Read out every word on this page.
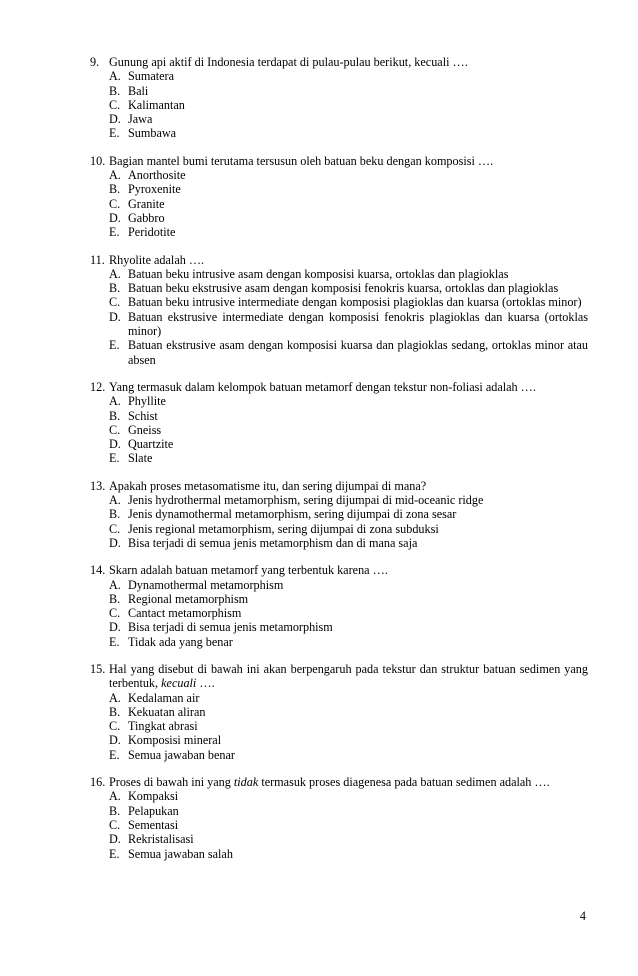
9. Gunung api aktif di Indonesia terdapat di pulau-pulau berikut, kecuali ….
A. Sumatera
B. Bali
C. Kalimantan
D. Jawa
E. Sumbawa
10. Bagian mantel bumi terutama tersusun oleh batuan beku dengan komposisi ….
A. Anorthosite
B. Pyroxenite
C. Granite
D. Gabbro
E. Peridotite
11. Rhyolite adalah ….
A. Batuan beku intrusive asam dengan komposisi kuarsa, ortoklas dan plagioklas
B. Batuan beku ekstrusive asam dengan komposisi fenokris kuarsa, ortoklas dan plagioklas
C. Batuan beku intrusive intermediate dengan komposisi plagioklas dan kuarsa (ortoklas minor)
D. Batuan ekstrusive intermediate dengan komposisi fenokris plagioklas dan kuarsa (ortoklas minor)
E. Batuan ekstrusive asam dengan komposisi kuarsa dan plagioklas sedang, ortoklas minor atau absen
12. Yang termasuk dalam kelompok batuan metamorf dengan tekstur non-foliasi adalah ….
A. Phyllite
B. Schist
C. Gneiss
D. Quartzite
E. Slate
13. Apakah proses metasomatisme itu, dan sering dijumpai di mana?
A. Jenis hydrothermal metamorphism, sering dijumpai di mid-oceanic ridge
B. Jenis dynamothermal metamorphism, sering dijumpai di zona sesar
C. Jenis regional metamorphism, sering dijumpai di zona subduksi
D. Bisa terjadi di semua jenis metamorphism dan di mana saja
14. Skarn adalah batuan metamorf yang terbentuk karena ….
A. Dynamothermal metamorphism
B. Regional metamorphism
C. Cantact metamorphism
D. Bisa terjadi di semua jenis metamorphism
E. Tidak ada yang benar
15. Hal yang disebut di bawah ini akan berpengaruh pada tekstur dan struktur batuan sedimen yang terbentuk, kecuali ….
A. Kedalaman air
B. Kekuatan aliran
C. Tingkat abrasi
D. Komposisi mineral
E. Semua jawaban benar
16. Proses di bawah ini yang tidak termasuk proses diagenesa pada batuan sedimen adalah ….
A. Kompaksi
B. Pelapukan
C. Sementasi
D. Rekristalisasi
E. Semua jawaban salah
4
